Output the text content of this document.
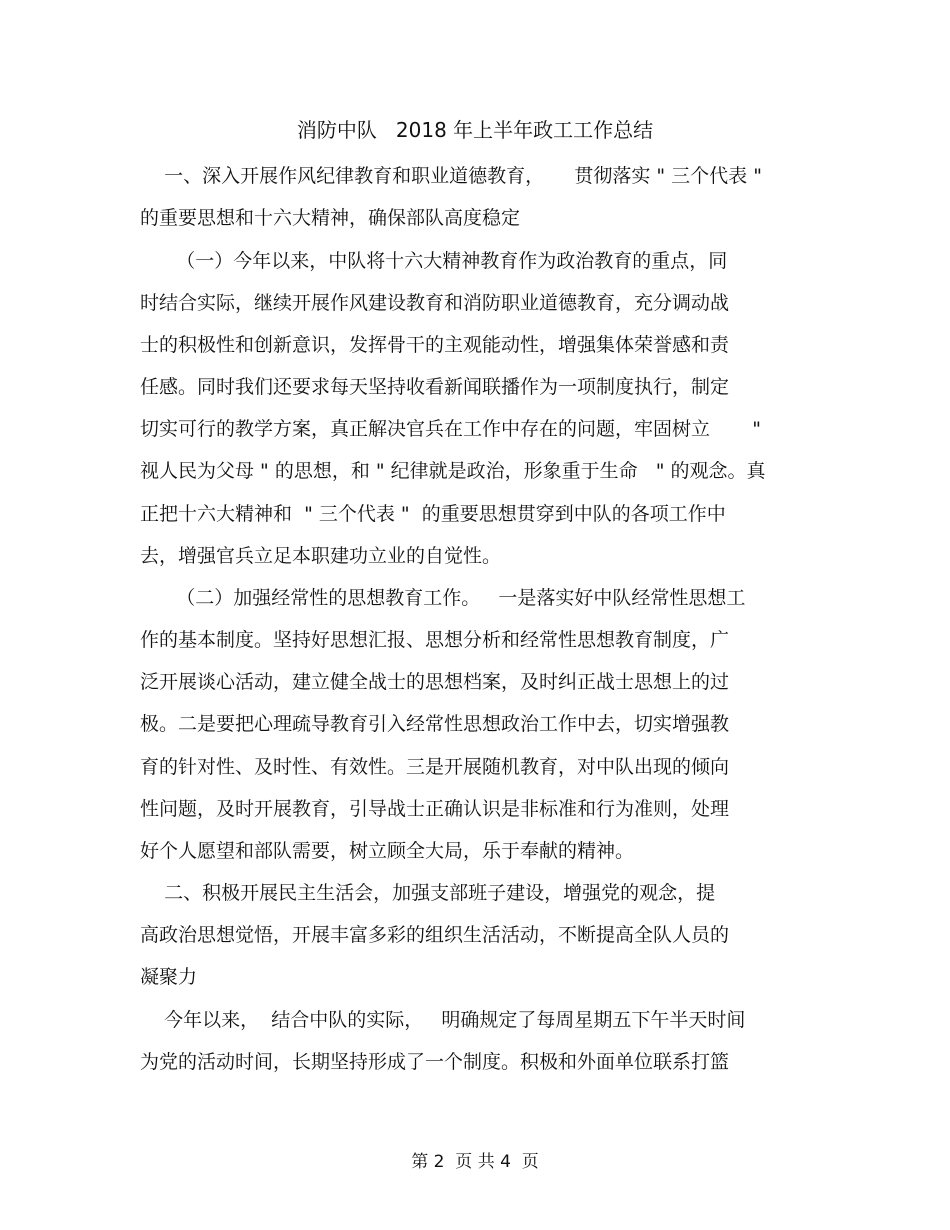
消防中队   2018 年上半年政工工作总结
一、深入开展作风纪律教育和职业道德教育，     贯彻落实 " 三个代表 "
的重要思想和十六大精神，确保部队高度稳定
（一）今年以来，中队将十六大精神教育作为政治教育的重点，同
时结合实际，继续开展作风建设教育和消防职业道德教育，充分调动战
士的积极性和创新意识，发挥骨干的主观能动性，增强集体荣誉感和责
任感。同时我们还要求每天坚持收看新闻联播作为一项制度执行，制定
切实可行的教学方案，真正解决官兵在工作中存在的问题，牢固树立       "
视人民为父母 " 的思想，和 " 纪律就是政治，形象重于生命   " 的观念。真
正把十六大精神和  " 三个代表 "  的重要思想贯穿到中队的各项工作中
去，增强官兵立足本职建功立业的自觉性。
（二）加强经常性的思想教育工作。   一是落实好中队经常性思想工
作的基本制度。坚持好思想汇报、思想分析和经常性思想教育制度，广
泛开展谈心活动，建立健全战士的思想档案，及时纠正战士思想上的过
极。二是要把心理疏导教育引入经常性思想政治工作中去，切实增强教
育的针对性、及时性、有效性。三是开展随机教育，对中队出现的倾向
性问题，及时开展教育，引导战士正确认识是非标准和行为准则，处理
好个人愿望和部队需要，树立顾全大局，乐于奉献的精神。
二、积极开展民主生活会，加强支部班子建设，增强党的观念，提
高政治思想觉悟，开展丰富多彩的组织生活活动，不断提高全队人员的
凝聚力
今年以来，  结合中队的实际，   明确规定了每周星期五下午半天时间
为党的活动时间，长期坚持形成了一个制度。积极和外面单位联系打篮
第 2  页 共 4  页
